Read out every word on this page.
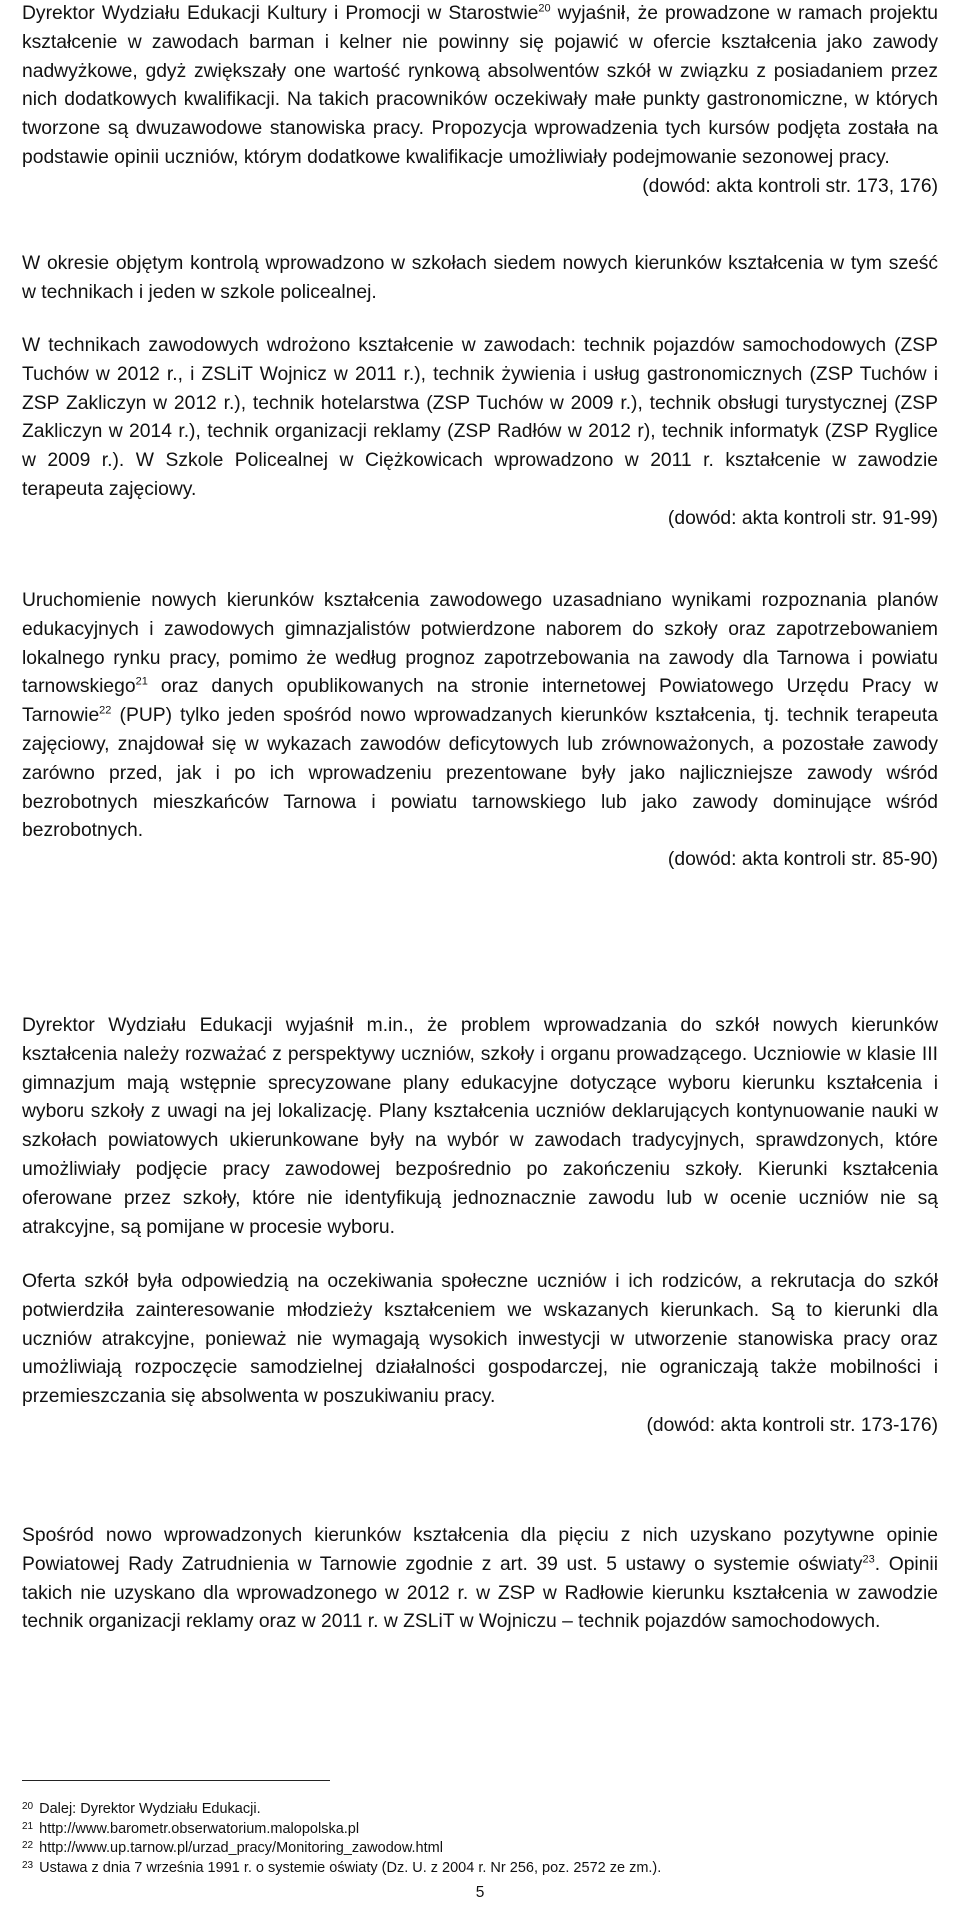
Dyrektor Wydziału Edukacji Kultury i Promocji w Starostwie$^{20}$ wyjaśnił, że prowadzone w ramach projektu kształcenie w zawodach barman i kelner nie powinny się pojawić w ofercie kształcenia jako zawody nadwyżkowe, gdyż zwiększały one wartość rynkową absolwentów szkół w związku z posiadaniem przez nich dodatkowych kwalifikacji. Na takich pracowników oczekiwały małe punkty gastronomiczne, w których tworzone są dwuzawodowe stanowiska pracy. Propozycja wprowadzenia tych kursów podjęta została na podstawie opinii uczniów, którym dodatkowe kwalifikacje umożliwiały podejmowanie sezonowej pracy.

(dowód: akta kontroli str. 173, 176)

W okresie objętym kontrolą wprowadzono w szkołach siedem nowych kierunków kształcenia w tym sześć w technikach i jeden w szkole policealnej.

W technikach zawodowych wdrożono kształcenie w zawodach: technik pojazdów samochodowych (ZSP Tuchów w 2012 r., i ZSLiT Wojnicz w 2011 r.), technik żywienia i usług gastronomicznych (ZSP Tuchów i ZSP Zakliczyn w 2012 r.), technik hotelarstwa (ZSP Tuchów w 2009 r.), technik obsługi turystycznej (ZSP Zakliczyn w 2014 r.), technik organizacji reklamy (ZSP Radłów w 2012 r), technik informatyk (ZSP Ryglice w 2009 r.). W Szkole Policealnej w Ciężkowicach wprowadzono w 2011 r. kształcenie w zawodzie terapeuta zajęciowy.

(dowód: akta kontroli str. 91-99)

Uruchomienie nowych kierunków kształcenia zawodowego uzasadniano wynikami rozpoznania planów edukacyjnych i zawodowych gimnazjalistów potwierdzone naborem do szkoły oraz zapotrzebowaniem lokalnego rynku pracy, pomimo że według prognoz zapotrzebowania na zawody dla Tarnowa i powiatu tarnowskiego$^{21}$ oraz danych opublikowanych na stronie internetowej Powiatowego Urzędu Pracy w Tarnowie$^{22}$ (PUP) tylko jeden spośród nowo wprowadzanych kierunków kształcenia, tj. technik terapeuta zajęciowy, znajdował się w wykazach zawodów deficytowych lub zrównoważonych, a pozostałe zawody zarówno przed, jak i po ich wprowadzeniu prezentowane były jako najliczniejsze zawody wśród bezrobotnych mieszkańców Tarnowa i powiatu tarnowskiego lub jako zawody dominujące wśród bezrobotnych.

(dowód: akta kontroli str. 85-90)

Dyrektor Wydziału Edukacji wyjaśnił m.in., że problem wprowadzania do szkół nowych kierunków kształcenia należy rozważać z perspektywy uczniów, szkoły i organu prowadzącego. Uczniowie w klasie III gimnazjum mają wstępnie sprecyzowane plany edukacyjne dotyczące wyboru kierunku kształcenia i wyboru szkoły z uwagi na jej lokalizację. Plany kształcenia uczniów deklarujących kontynuowanie nauki w szkołach powiatowych ukierunkowane były na wybór w zawodach tradycyjnych, sprawdzonych, które umożliwiały podjęcie pracy zawodowej bezpośrednio po zakończeniu szkoły. Kierunki kształcenia oferowane przez szkoły, które nie identyfikują jednoznacznie zawodu lub w ocenie uczniów nie są atrakcyjne, są pomijane w procesie wyboru.

Oferta szkół była odpowiedzią na oczekiwania społeczne uczniów i ich rodziców, a rekrutacja do szkół potwierdziła zainteresowanie młodzieży kształceniem we wskazanych kierunkach. Są to kierunki dla uczniów atrakcyjne, ponieważ nie wymagają wysokich inwestycji w utworzenie stanowiska pracy oraz umożliwiają rozpoczęcie samodzielnej działalności gospodarczej, nie ograniczają także mobilności i przemieszczania się absolwenta w poszukiwaniu pracy.

(dowód: akta kontroli str. 173-176)

Spośród nowo wprowadzonych kierunków kształcenia dla pięciu z nich uzyskano pozytywne opinie Powiatowej Rady Zatrudnienia w Tarnowie zgodnie z art. 39 ust. 5 ustawy o systemie oświaty$^{23}$. Opinii takich nie uzyskano dla wprowadzonego w 2012 r. w ZSP w Radłowie kierunku kształcenia w zawodzie technik organizacji reklamy oraz w 2011 r. w ZSLiT w Wojniczu – technik pojazdów samochodowych.

20 Dalej: Dyrektor Wydziału Edukacji.

21 http://www.barometr.obserwatorium.malopolska.pl

22 http://www.up.tarnow.pl/urzad_pracy/Monitoring_zawodow.html

23 Ustawa z dnia 7 września 1991 r. o systemie oświaty (Dz. U. z 2004 r. Nr 256, poz. 2572 ze zm.).

5
